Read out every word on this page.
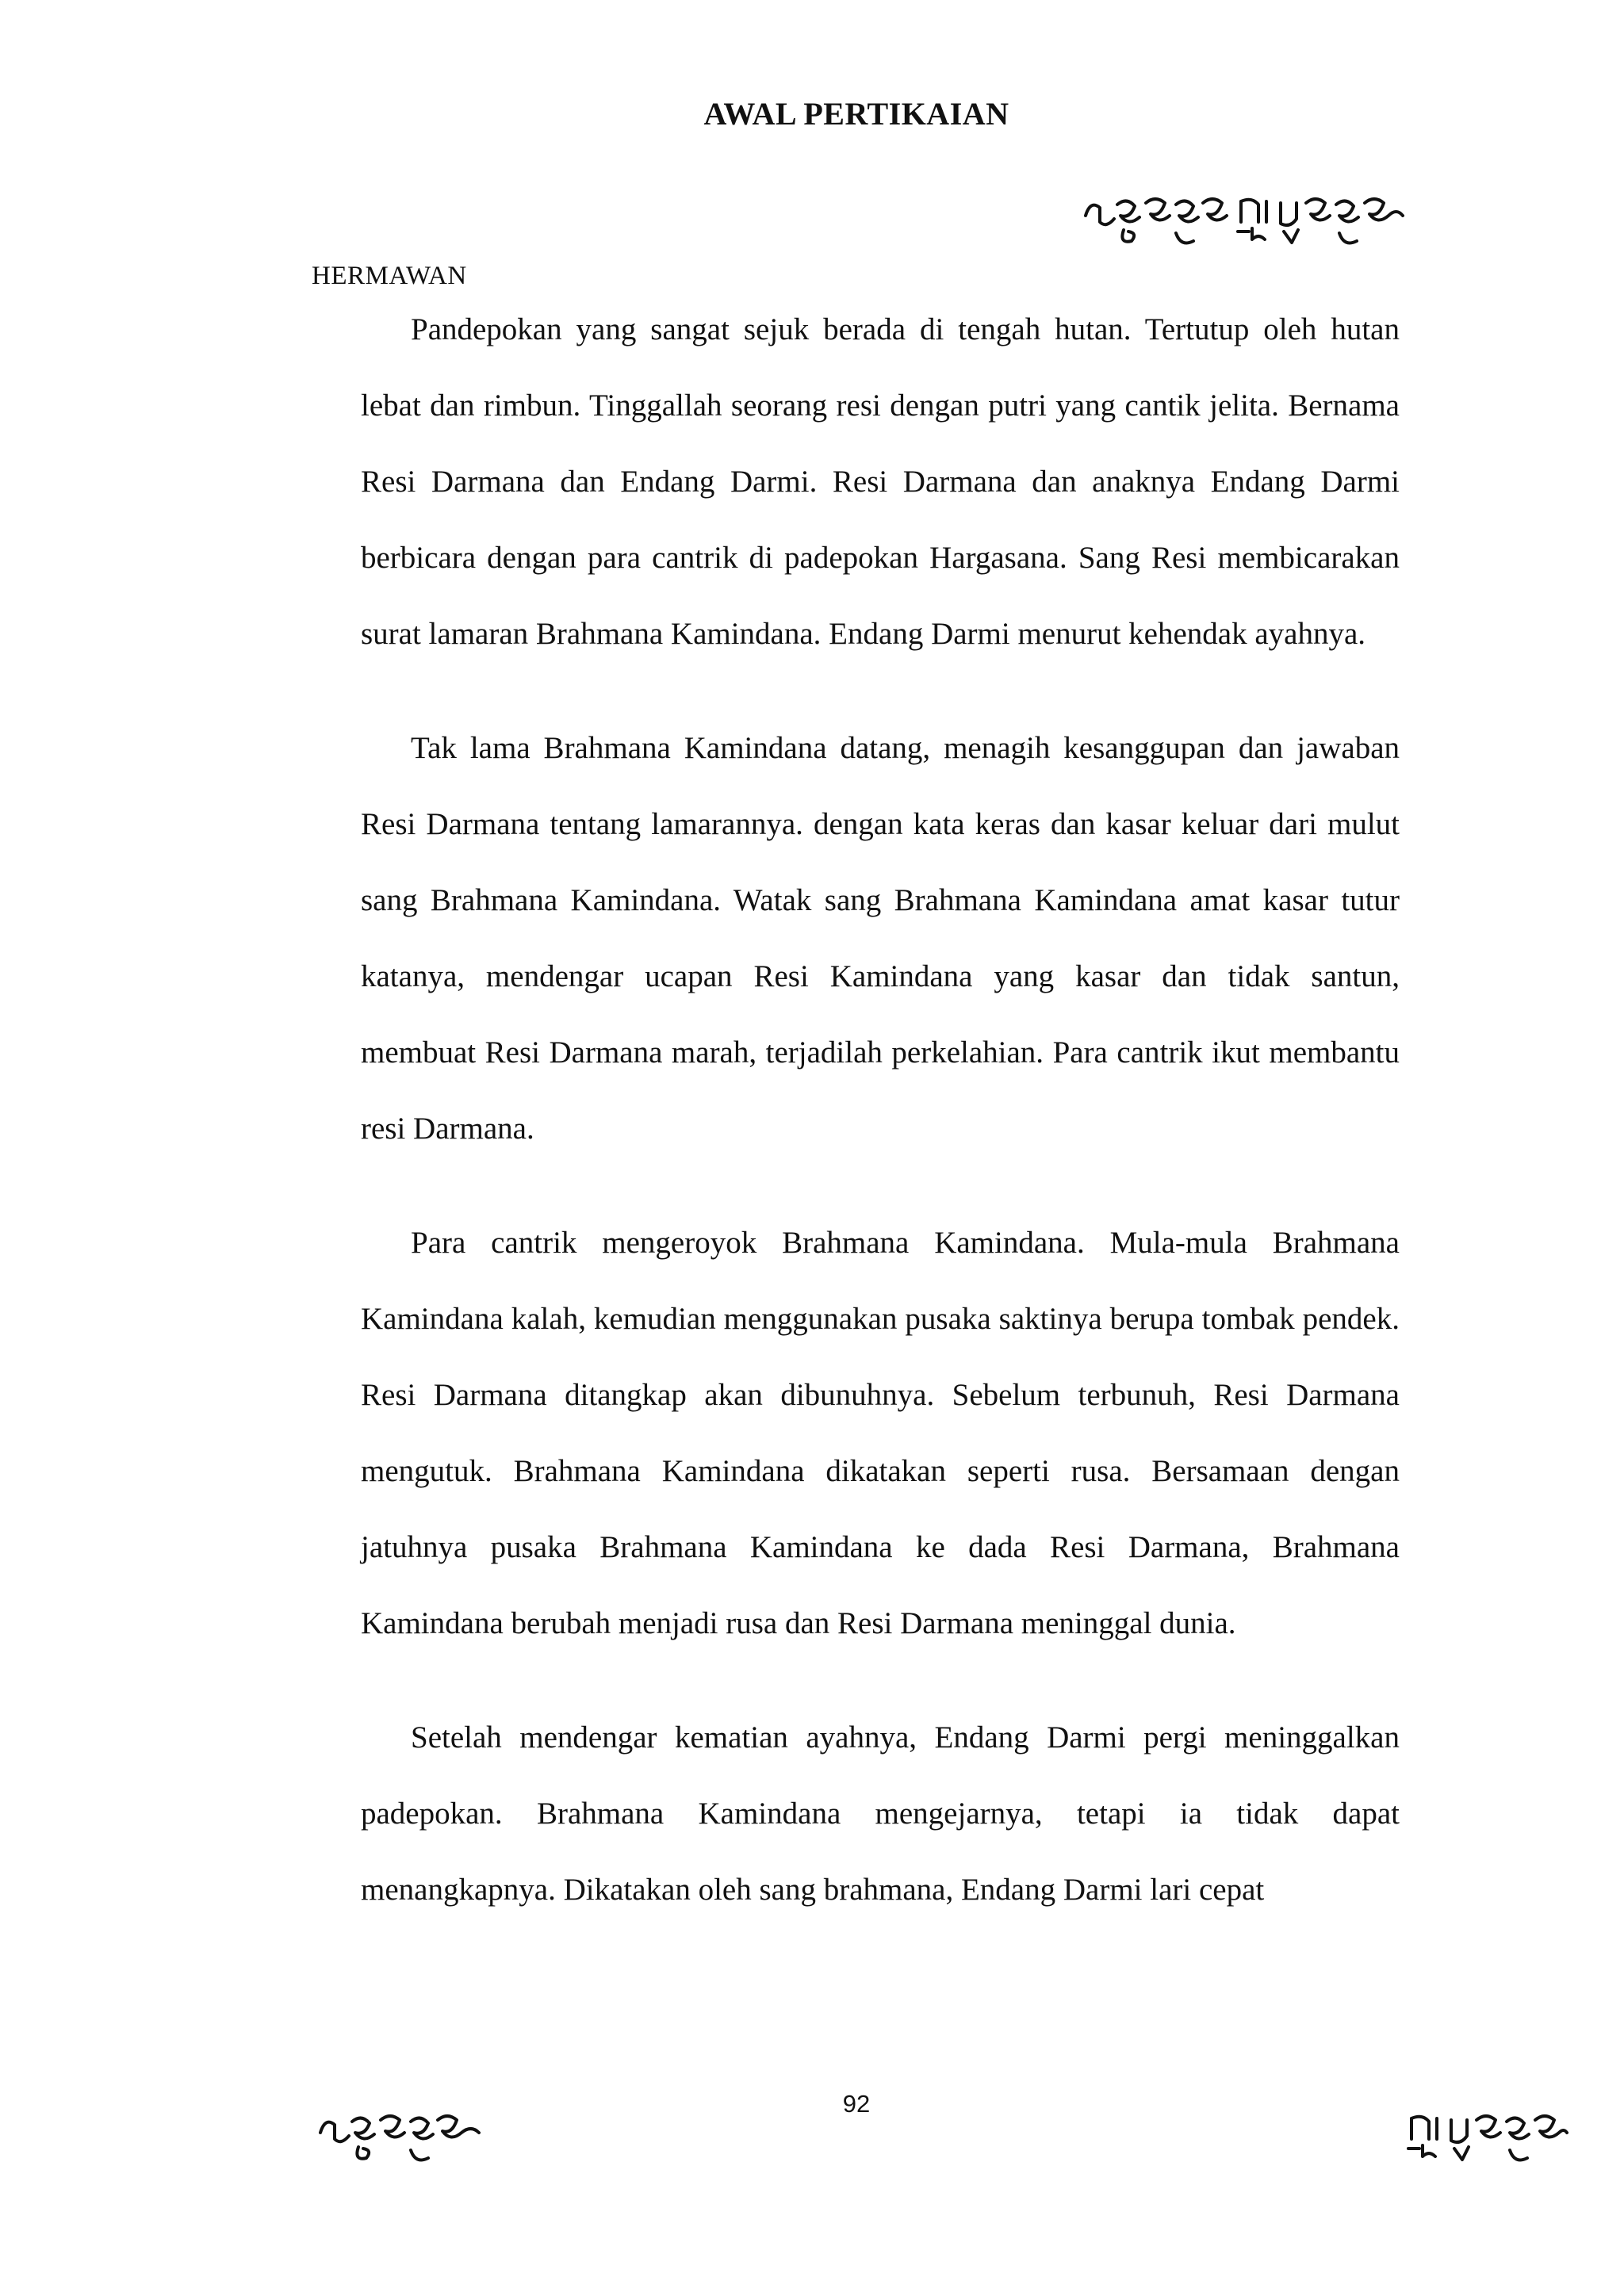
AWAL PERTIKAIAN
HERMAWAN

Pandepokan yang sangat sejuk berada di tengah hutan. Tertutup oleh hutan lebat dan rimbun. Tinggallah seorang resi dengan putri yang cantik jelita. Bernama Resi Darmana dan Endang Darmi. Resi Darmana dan anaknya Endang Darmi berbicara dengan para cantrik di padepokan Hargasana. Sang Resi membicarakan surat lamaran Brahmana Kamindana. Endang Darmi menurut kehendak ayahnya.

Tak lama Brahmana Kamindana datang, menagih kesanggupan dan jawaban Resi Darmana tentang lamarannya. dengan kata keras dan kasar keluar dari mulut sang Brahmana Kamindana. Watak sang Brahmana Kamindana amat kasar tutur katanya, mendengar ucapan Resi Kamindana yang kasar dan tidak santun, membuat Resi Darmana marah, terjadilah perkelahian. Para cantrik ikut membantu resi Darmana.

Para cantrik mengeroyok Brahmana Kamindana. Mula-mula Brahmana Kamindana kalah, kemudian menggunakan pusaka saktinya berupa tombak pendek. Resi Darmana ditangkap akan dibunuhnya. Sebelum terbunuh, Resi Darmana mengutuk. Brahmana Kamindana dikatakan seperti rusa. Bersamaan dengan jatuhnya pusaka Brahmana Kamindana ke dada Resi Darmana, Brahmana Kamindana berubah menjadi rusa dan Resi Darmana meninggal dunia.

Setelah mendengar kematian ayahnya, Endang Darmi pergi meninggalkan padepokan. Brahmana Kamindana mengejarnya, tetapi ia tidak dapat menangkapnya. Dikatakan oleh sang brahmana, Endang Darmi lari cepat

92
